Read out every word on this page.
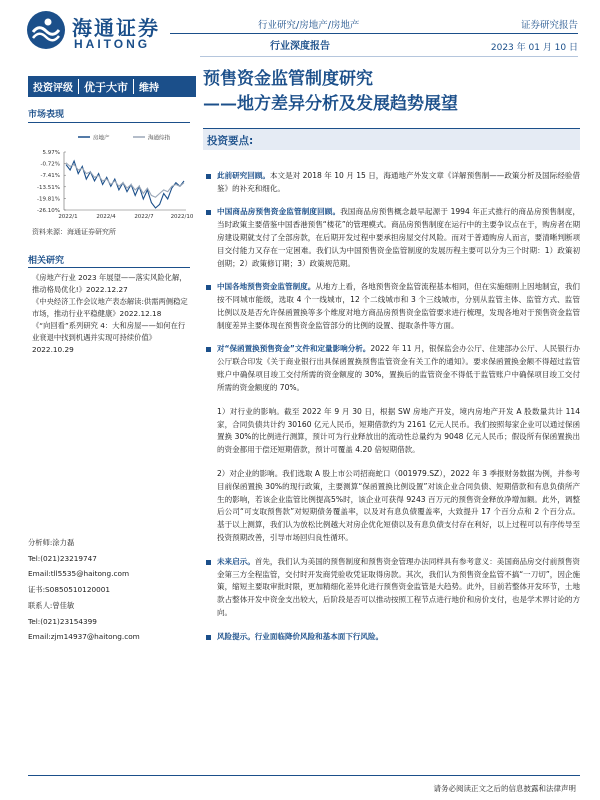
海通证券
HAITONG
行业研究/房地产/房地产
行业深度报告
证券研究报告
2023 年 01 月 10 日
投资评级	优于大市	维持
市场表现
房地产	海通综指
5.97%
-0.72%
-7.41%
-13.51%
-19.81%
-26.10%
2022/1	2022/4	2022/7	2022/10
资料来源：海通证券研究所
相关研究
《房地产行业 2023 年展望——落实风险化解，推动格局优化!》2022.12.27
《中央经济工作会议地产表态解读:供需两侧稳定市场，推动行业平稳健康》2022.12.18
《“向回看”系列研究 4：大和房屋——如何在行业衰退中找到机遇并实现可持续价值》2022.10.29
分析师:涂力磊
Tel:(021)23219747
Email:tll5535@haitong.com
证书:S0850510120001
联系人:曾佳敏
Tel:(021)23154399
Email:zjm14937@haitong.com
预售资金监管制度研究
——地方差异分析及发展趋势展望
投资要点:
此前研究回顾。本文是对 2018 年 10 月 15 日，海通地产外发文章《详解预售制——政策分析及国际经验借鉴》的补充和细化。
中国商品房预售资金监管制度回顾。我国商品房预售概念最早起源于 1994 年正式推行的商品房预售制度，当时政策主要借鉴中国香港预售“楼花”的管理模式。商品房预售制度在运行中的主要争议点在于，购房者在期房建设期就支付了全部房款，在后期开发过程中要承担房屋交付风险。而对于普通购房人而言，要清晰判断项目交付能力又存在一定困难。我们认为中国预售资金监管制度的发展历程主要可以分为三个时期：1）政策初创期；2）政策修订期；3）政策规范期。
中国各地预售资金监管制度。从地方上看，各地预售资金监管流程基本相同，但在实施细则上因地制宜，我们按不同城市能级，选取 4 个一线城市，12 个二线城市和 3 个三线城市，分别从监管主体、监管方式、监管比例以及是否允许保函置换等多个维度对地方商品房预售资金监管要求进行梳理，发现各地对于预售资金监管制度差异主要体现在预售资金监管部分的比例的设置、提取条件等方面。
对“保函置换预售资金”文件和定量影响分析。2022 年 11 月，银保监会办公厅、住建部办公厅、人民银行办公厅联合印发《关于商业银行出具保函置换预售监管资金有关工作的通知》。要求保函置换金额不得超过监管账户中确保项目竣工交付所需的资金额度的 30%，置换后的监管资金不得低于监管账户中确保项目竣工交付所需的资金额度的 70%。
1）对行业的影响。截至 2022 年 9 月 30 日，根据 SW 房地产开发，境内房地产开发 A 股数量共计 114 家，合同负债共计约 30160 亿元人民币，短期借款约为 2161 亿元人民币。我们按照每家企业可以通过保函置换 30%的比例进行测算，预计可为行业释放出的流动性总量约为 9048 亿元人民币；假设所有保函置换出的资金都用于偿还短期借款，预计可覆盖 4.20 倍短期借款。
2）对企业的影响。我们选取 A 股上市公司招商蛇口（001979.SZ），2022 年 3 季报财务数据为例，并参考目前保函置换 30%的现行政策，主要测算“保函置换比例设置”对该企业合同负债、短期借款和有息负债所产生的影响，若该企业监管比例提高5%时，该企业可获得 9243 百万元的预售资金释放净增加额。此外，调整后公司“可支取预售款”对短期债务覆盖率，以及对有息负债覆盖率，大致提升 17 个百分点和 2 个百分点。基于以上测算，我们认为放松比例越大对房企优化短债以及有息负债支付存在利好，以上过程可以有序传导至投资预期改善，引导市场回归良性循环。
未来启示。首先，我们认为美国的预售制度和预售资金管理办法同样具有参考意义：美国商品房交付前预售资金第三方全程监管，交付时开发商凭验收凭证取得房款。其次，我们认为预售资金监管不搞“一刀切”，因企施策，缩短主要取审批时限，更加精细化差异化进行预售资金监管是大趋势。此外，目前若整体开发环节，土地款占整体开发中资金支出较大，后阶段是否可以推动按照工程节点进行地价和房价支付，也是学术界讨论的方向。
风险提示。行业面临降价风险和基本面下行风险。
请务必阅读正文之后的信息披露和法律声明
